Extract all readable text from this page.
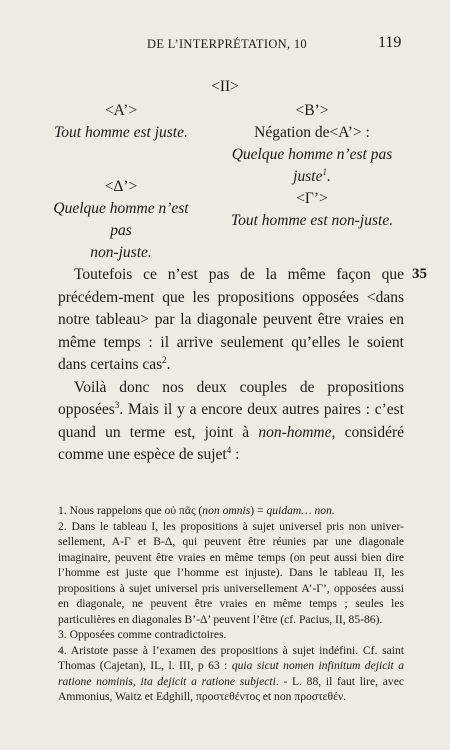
DE L’INTERPRÉTATION, 10	119
<II>
<A’>
Tout homme est juste.
<Δ’>
Quelque homme n’est pas
non-juste.
<B’>
Négation de<A’> :
Quelque homme n’est pas
juste$^1$.
<Γ’>
Tout homme est non-juste.
35

Toutefois ce n’est pas de la même façon que précédem-ment que les propositions opposées <dans notre tableau> par la diagonale peuvent être vraies en même temps : il arrive seulement qu’elles le soient dans certains cas$^2$.

Voilà donc nos deux couples de propositions opposées$^3$. Mais il y a encore deux autres paires : c’est quand un terme est, joint à non-homme, considéré comme une espèce de sujet$^4$ :

1. Nous rappelons que οὐ πᾶς (non omnis) = quidam… non.

2. Dans le tableau I, les propositions à sujet universel pris non univer-sellement, A-Γ et B-Δ, qui peuvent être réunies par une diagonale imaginaire, peuvent être vraies en même temps (on peut aussi bien dire l’homme est juste que l’homme est injuste). Dans le tableau II, les propositions à sujet universel pris universellement A’-Γ’, opposées aussi en diagonale, ne peuvent être vraies en même temps ; seules les particulières en diagonales B’-Δ’ peuvent l’être (cf. Pacius, II, 85-86).

3. Opposées comme contradictoires.

4. Aristote passe à l’examen des propositions à sujet indéfini. Cf. saint Thomas (Cajetan), IL, l. III, p 63 : quia sicut nomen infinitum dejicit a ratione nominis, ita dejicit a ratione subjecti. - L. 88, il faut lire, avec Ammonius, Waitz et Edghill, προστεθέντος et non προστεθέν.
